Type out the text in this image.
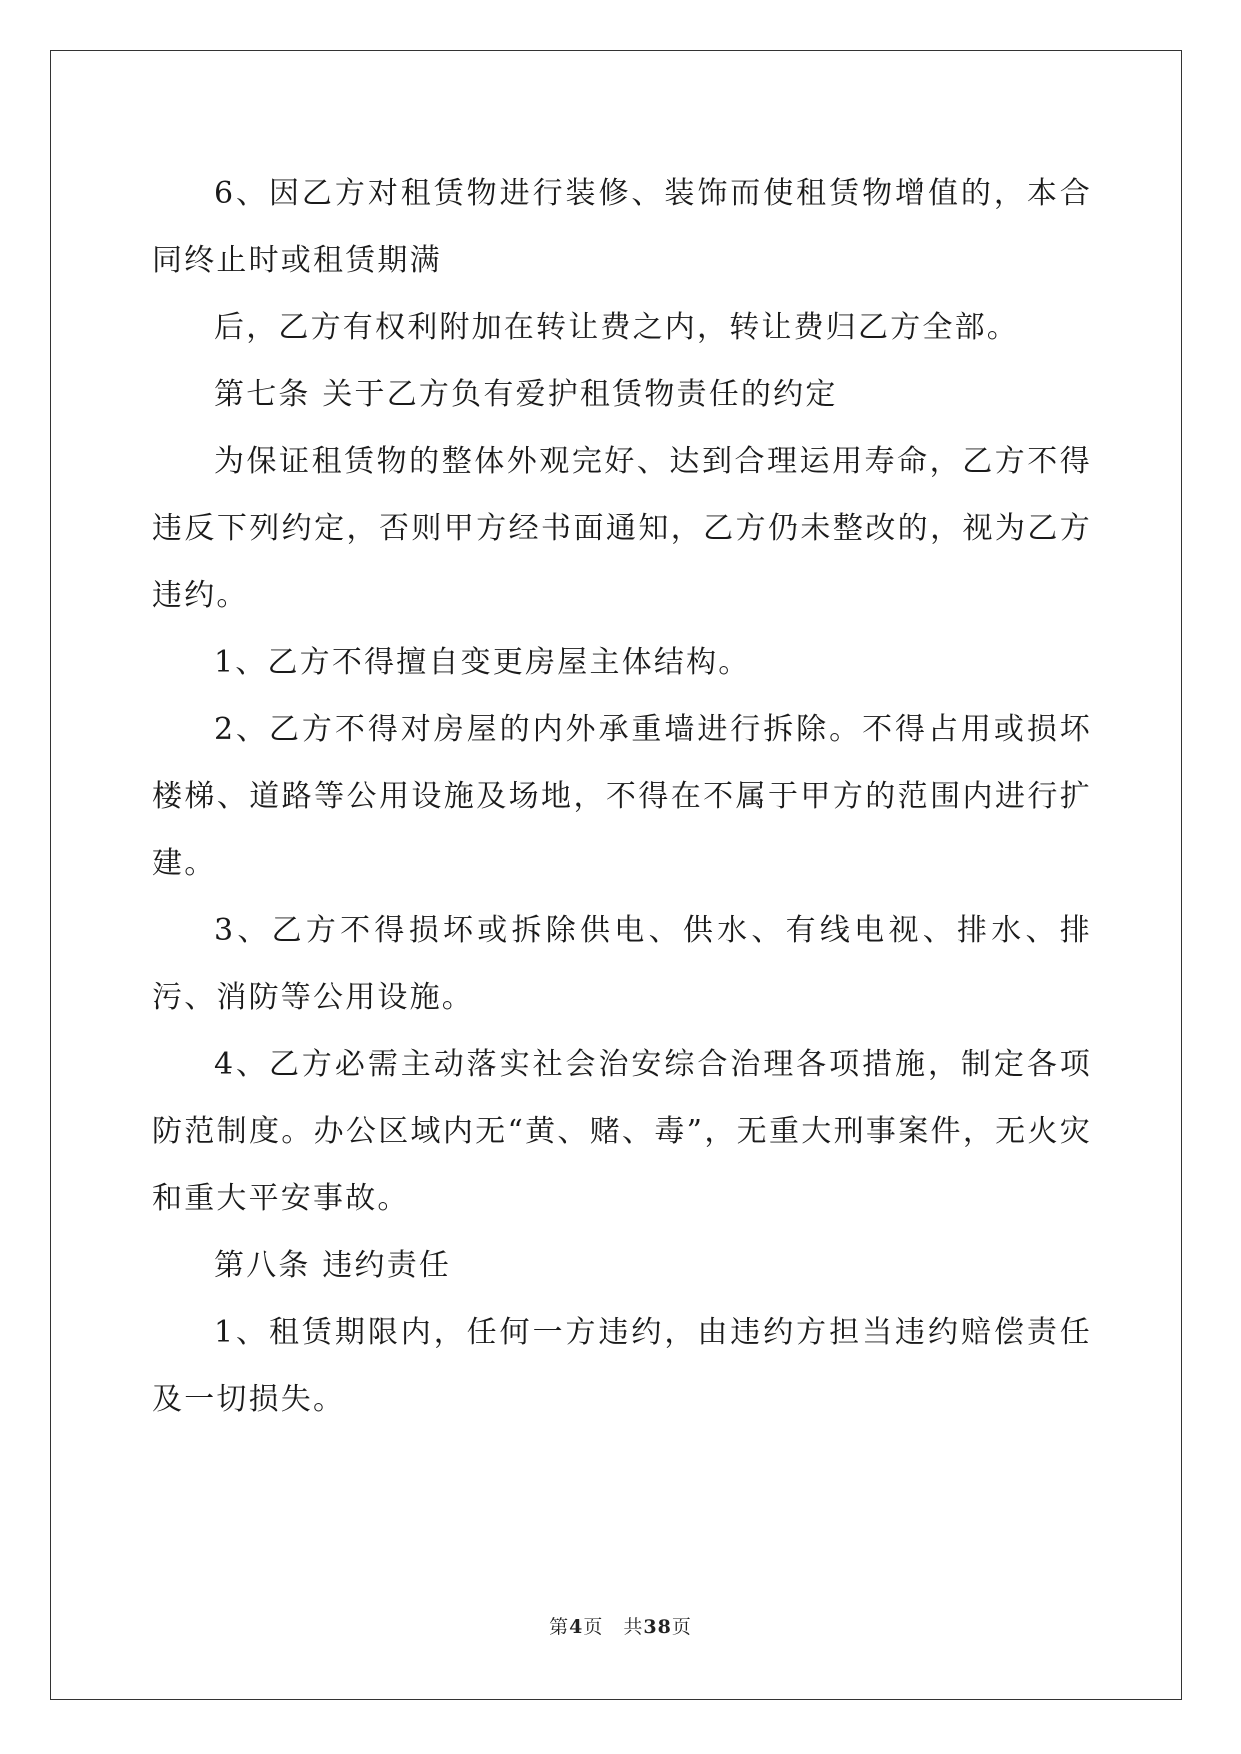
6、因乙方对租赁物进行装修、装饰而使租赁物增值的，本合同终止时或租赁期满

后，乙方有权利附加在转让费之内，转让费归乙方全部。

第七条 关于乙方负有爱护租赁物责任的约定

为保证租赁物的整体外观完好、达到合理运用寿命，乙方不得违反下列约定，否则甲方经书面通知，乙方仍未整改的，视为乙方违约。

1、乙方不得擅自变更房屋主体结构。

2、乙方不得对房屋的内外承重墙进行拆除。不得占用或损坏楼梯、道路等公用设施及场地，不得在不属于甲方的范围内进行扩建。

3、乙方不得损坏或拆除供电、供水、有线电视、排水、排污、消防等公用设施。

4、乙方必需主动落实社会治安综合治理各项措施，制定各项防范制度。办公区域内无“黄、赌、毒”，无重大刑事案件，无火灾和重大平安事故。

第八条 违约责任

1、租赁期限内，任何一方违约，由违约方担当违约赔偿责任及一切损失。

第4页 共38页
